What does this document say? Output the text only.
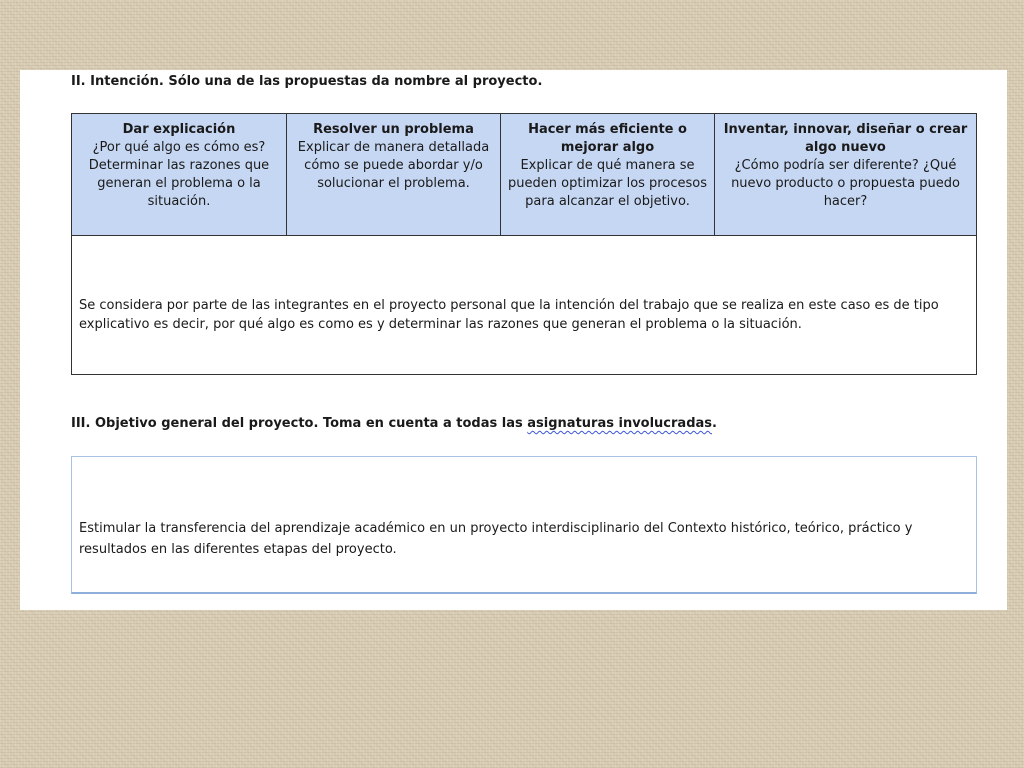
II. Intención. Sólo una de las propuestas da nombre al proyecto.
Dar explicación
¿Por qué algo es cómo es? Determinar las razones que generan el problema o la situación.
Resolver un problema
Explicar de manera detallada cómo se puede abordar y/o solucionar el problema.
Hacer más eficiente o mejorar algo
Explicar de qué manera se pueden optimizar los procesos para alcanzar el objetivo.
Inventar, innovar, diseñar o crear algo nuevo
¿Cómo podría ser diferente? ¿Qué nuevo producto o propuesta puedo hacer?
Se considera por parte de las integrantes en el proyecto personal que la intención del trabajo que se realiza en este caso es de tipo explicativo es decir, por qué algo es como es y determinar las razones que generan el problema o la situación.
III. Objetivo general del proyecto. Toma en cuenta a todas las asignaturas involucradas.
Estimular la transferencia del aprendizaje académico en un proyecto interdisciplinario del Contexto histórico, teórico, práctico y resultados en las diferentes etapas del proyecto.
